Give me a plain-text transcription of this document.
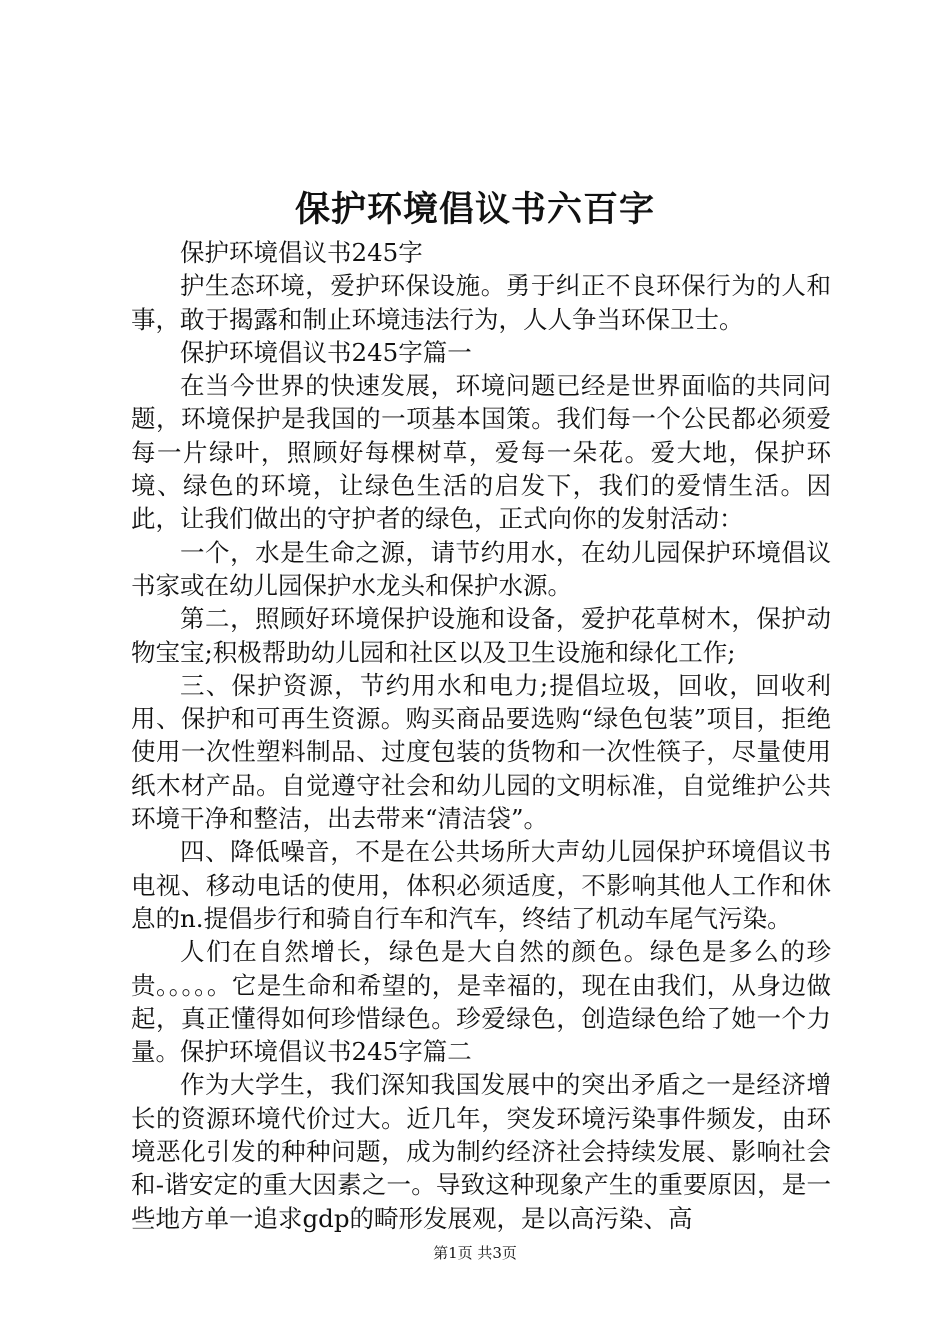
保护环境倡议书六百字

保护环境倡议书245字

护生态环境，爱护环保设施。勇于纠正不良环保行为的人和事，敢于揭露和制止环境违法行为，人人争当环保卫士。

保护环境倡议书245字篇一

在当今世界的快速发展，环境问题已经是世界面临的共同问题，环境保护是我国的一项基本国策。我们每一个公民都必须爱每一片绿叶，照顾好每棵树草，爱每一朵花。爱大地，保护环境、绿色的环境，让绿色生活的启发下，我们的爱情生活。因此，让我们做出的守护者的绿色，正式向你的发射活动：

一个，水是生命之源，请节约用水，在幼儿园保护环境倡议书家或在幼儿园保护水龙头和保护水源。

第二，照顾好环境保护设施和设备，爱护花草树木，保护动物宝宝;积极帮助幼儿园和社区以及卫生设施和绿化工作;

三、保护资源，节约用水和电力;提倡垃圾，回收，回收利用、保护和可再生资源。购买商品要选购“绿色包装”项目，拒绝使用一次性塑料制品、过度包装的货物和一次性筷子，尽量使用纸木材产品。自觉遵守社会和幼儿园的文明标准，自觉维护公共环境干净和整洁，出去带来“清洁袋”。

四、降低噪音，不是在公共场所大声幼儿园保护环境倡议书电视、移动电话的使用，体积必须适度，不影响其他人工作和休息的n.提倡步行和骑自行车和汽车，终结了机动车尾气污染。

人们在自然增长，绿色是大自然的颜色。绿色是多么的珍贵。。。。。它是生命和希望的，是幸福的，现在由我们，从身边做起，真正懂得如何珍惜绿色。珍爱绿色，创造绿色给了她一个力量。保护环境倡议书245字篇二

作为大学生，我们深知我国发展中的突出矛盾之一是经济增长的资源环境代价过大。近几年，突发环境污染事件频发，由环境恶化引发的种种问题，成为制约经济社会持续发展、影响社会和-谐安定的重大因素之一。导致这种现象产生的重要原因，是一些地方单一追求gdp的畸形发展观，是以高污染、高

第1页 共3页
